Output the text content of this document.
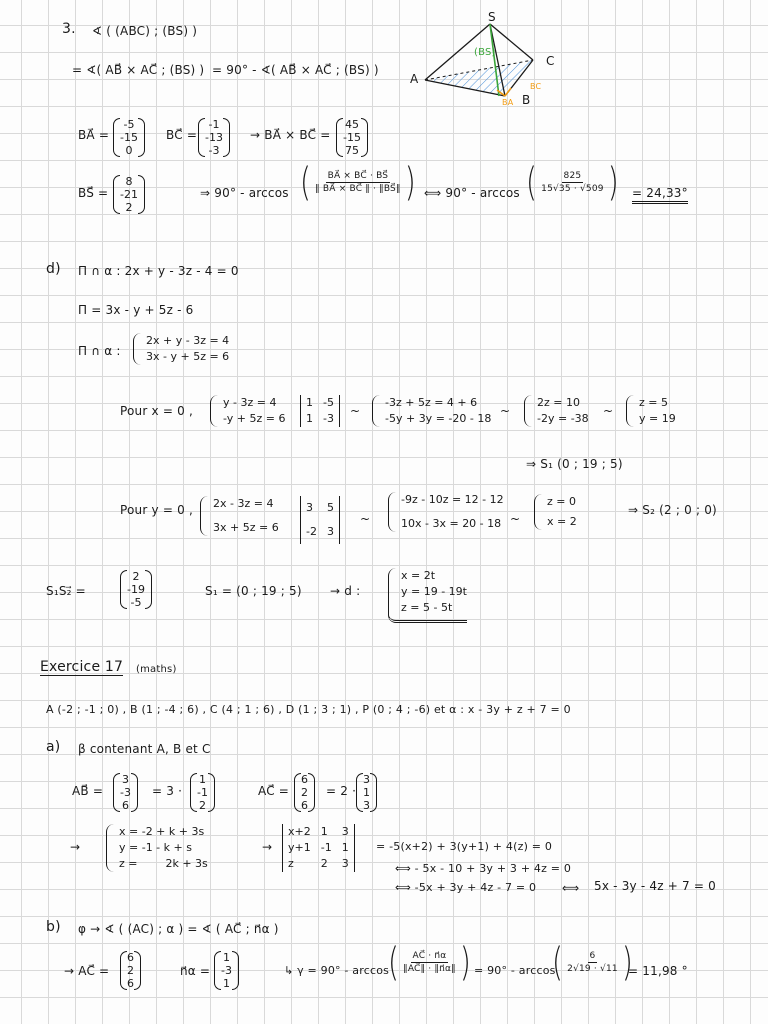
3. ∢ ( (ABC) ; (BS) )
= ∢( AB⃗ × AC⃗ ; (BS) ) = 90° - ∢( AB⃗ × AC⃗ ; (BS) )
S
A
B
C
(BS)
BA
BC
BA⃗ =
-5
-15
0
BC⃗ =
-1
-13
-3
→ BA⃗ × BC⃗ =
45
-15
75
BS⃗ =
8
-21
2
⇒ 90° - arccos ( $\frac{BA⃗ \times BC⃗ \cdot BS⃗}{‖ BA⃗ \times BC⃗ ‖ \cdot ‖BS⃗‖}$ ) ⟺ 90° - arccos ( $\frac{825}{15√35 \cdot √509}$ ) = 24,33°
d) Π ∩ α : 2x + y - 3z - 4 = 0
Π = 3x - y + 5z - 6
Π ∩ α :
2x + y - 3z = 4
3x - y + 5z = 6
Pour x = 0 ,
y - 3z = 4
-y + 5z = 6
1 -5
1 -3
~
-3z + 5z = 4 + 6
-5y + 3y = -20 - 18
~
2z = 10
-2y = -38
~
z = 5
y = 19
⇒ S₁ (0 ; 19 ; 5)
Pour y = 0 , 2x - 3z = 4
3x + 5z = 6
3	5
-2 3
~
-9z - 10z = 12 - 12
10x - 3x = 20 - 18 ~
z = 0
x = 2
⇒ S₂ (2 ; 0 ; 0)
S₁S₂⃗ =
2
-19
-5
S₁ = (0 ; 19 ; 5) → d :
x = 2t
y = 19 - 19t
z = 5 - 5t
Exercice 17 (maths)
A (-2 ; -1 ; 0) , B (1 ; -4 ; 6) , C (4 ; 1 ; 6) , D (1 ; 3 ; 1) , P (0 ; 4 ; -6) et α : x - 3y + z + 7 = 0
a) β contenant A, B et C
AB⃗ =
3
-3
6
= 3 ·
1
-1
2
AC⃗ =
6
2
6
= 2 ·
3
1
3
→
x = -2 + k + 3s
y = -1 - k + s
z =        2k + 3s
→
x+2 1	3
y+1 -1 1
z	2	3
= -5(x+2) + 3(y+1) + 4(z) = 0
⟺ - 5x - 10 + 3y + 3 + 4z = 0
⟺ -5x + 3y + 4z - 7 = 0 ⟺ 5x - 3y - 4z + 7 = 0
b) φ → ∢ ( (AC) ; α ) = ∢ ( AC⃗ ; n⃗α )
→ AC⃗ =
6
2
6
n⃗α =
1
-3
1
↳ γ = 90° - arccos
( $\frac{AC⃗ \cdot n⃗\alpha}{‖AC⃗‖ \cdot ‖n⃗\alpha‖}$ ) = 90° - arccos
( $\frac{6}{2√19 \cdot √11}$ )
= 11,98 °
